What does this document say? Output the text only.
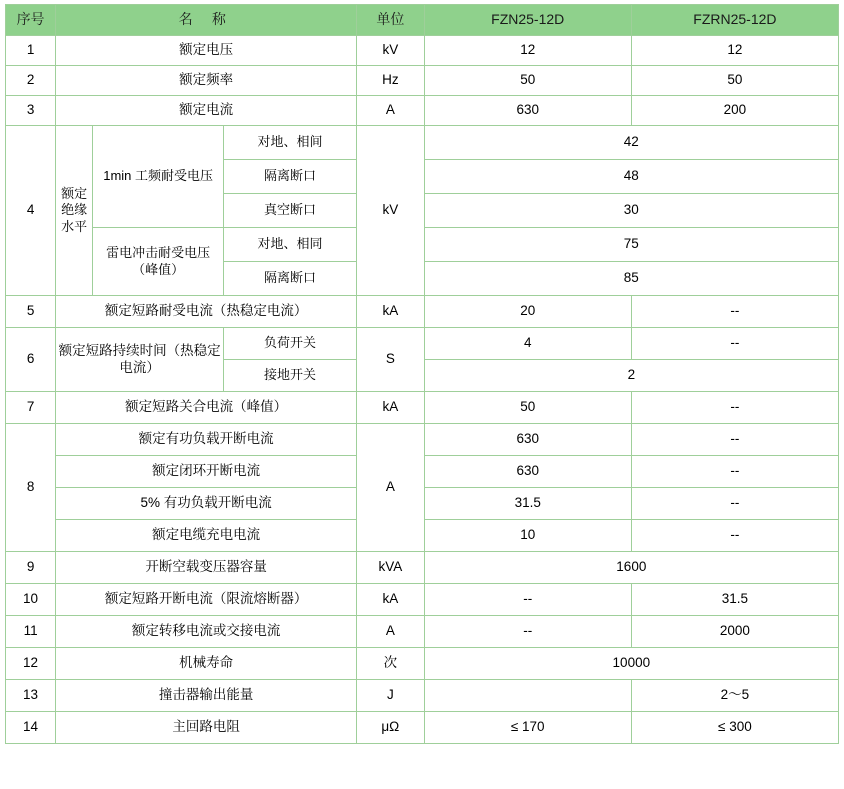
序号	名 称			单位	FZN25-12D	FZRN25-12D
1	额定电压			kV	12	12
2	额定频率			Hz	50	50
3	额定电流			A	630	200
4	额定绝缘水平	1min 工频耐受电压	对地、相间	kV	42	
			隔离断口		48	
			真空断口		30	
		雷电冲击耐受电压（峰值）	对地、相同		75	
			隔离断口		85	
5	额定短路耐受电流（热稳定电流）			kA	20	--
6	额定短路持续时间（热稳定电流）		负荷开关	S	4	--
			接地开关		2	
7	额定短路关合电流（峰值）			kA	50	--
8	额定有功负载开断电流			A	630	--
	额定闭环开断电流				630	--
	5% 有功负载开断电流				31.5	--
	额定电缆充电电流				10	--
9	开断空载变压器容量			kVA	1600	
10	额定短路开断电流（限流熔断器）			kA	--	31.5
11	额定转移电流或交接电流			A	--	2000
12	机械寿命			次	10000	
13	撞击器输出能量			J		2～5
14	主回路电阻			μΩ	≤ 170	≤ 300
